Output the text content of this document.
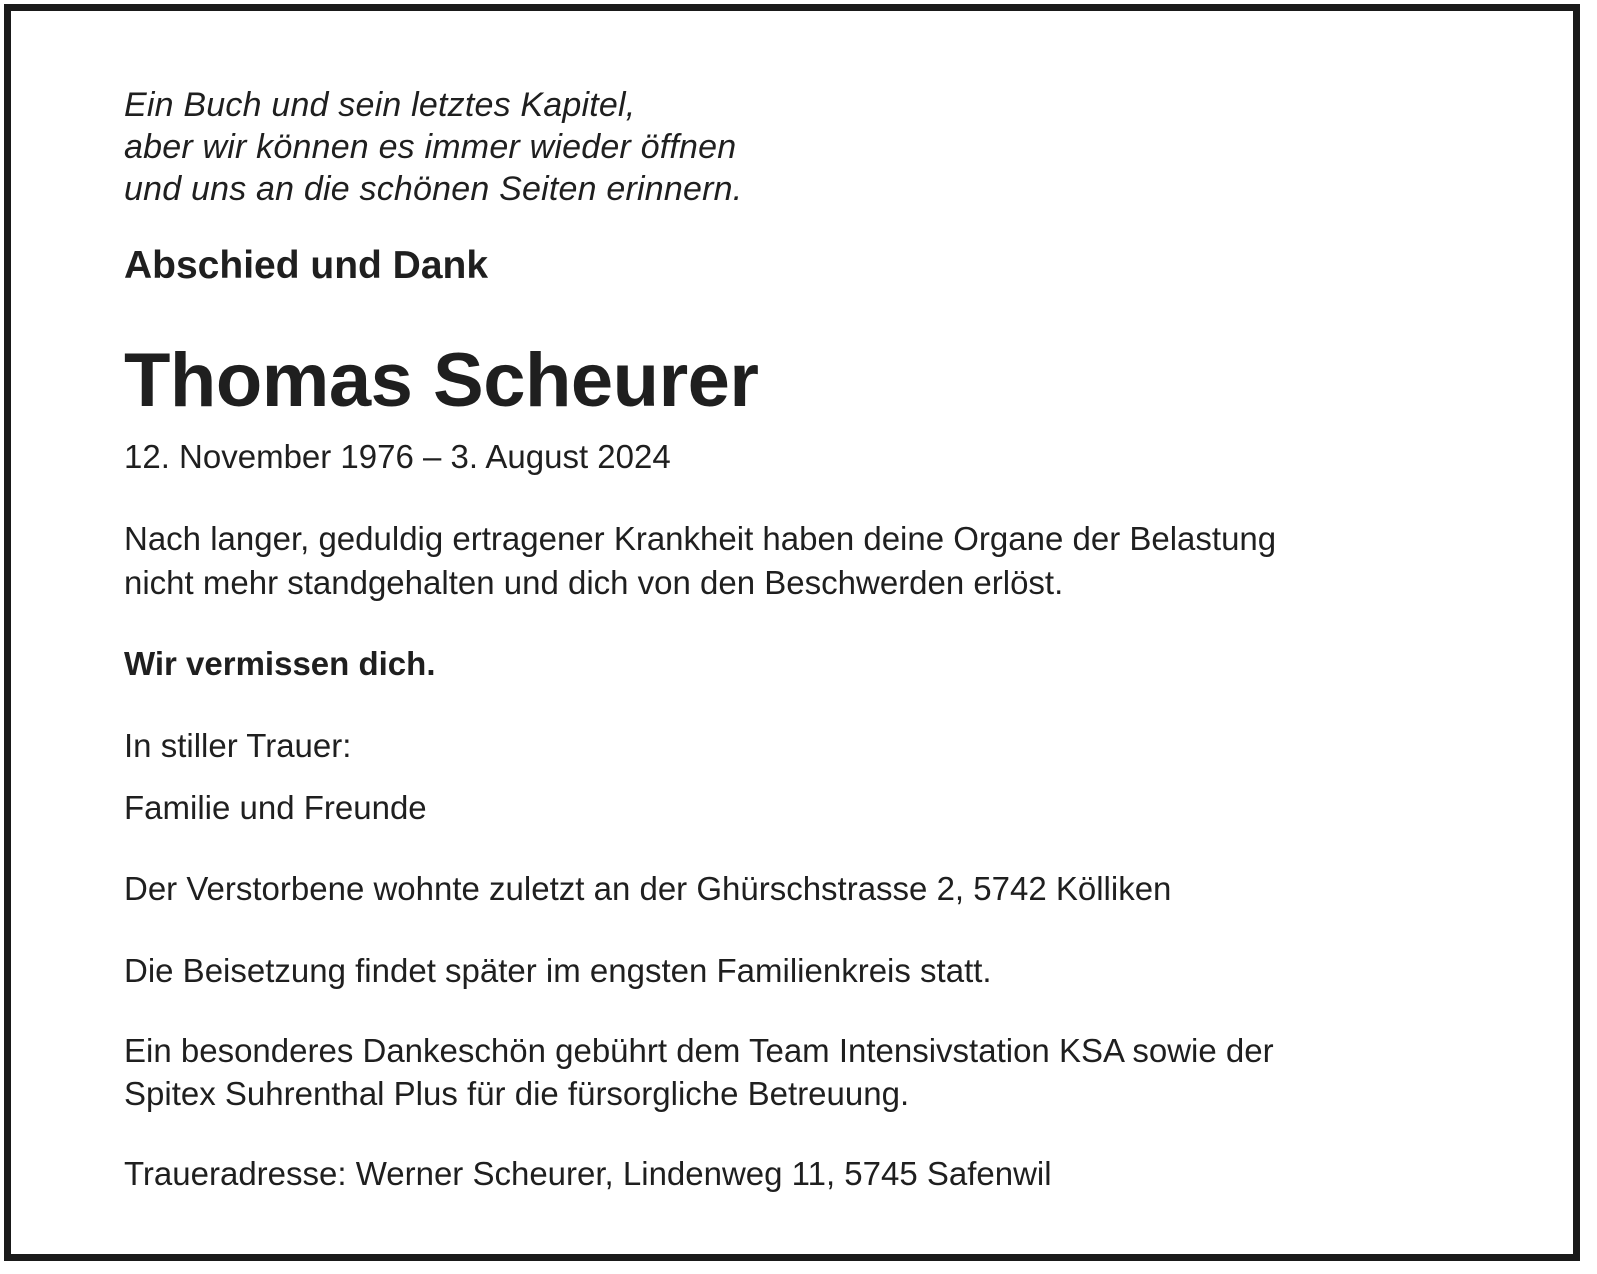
Ein Buch und sein letztes Kapitel,

aber wir können es immer wieder öffnen

und uns an die schönen Seiten erinnern.

Abschied und Dank

Thomas Scheurer

12. November 1976 – 3. August 2024

Nach langer, geduldig ertragener Krankheit haben deine Organe der Belastung

nicht mehr standgehalten und dich von den Beschwerden erlöst.

Wir vermissen dich.

In stiller Trauer:

Familie und Freunde

Der Verstorbene wohnte zuletzt an der Ghürschstrasse 2, 5742 Kölliken

Die Beisetzung findet später im engsten Familienkreis statt.

Ein besonderes Dankeschön gebührt dem Team Intensivstation KSA sowie der

Spitex Suhrenthal Plus für die fürsorgliche Betreuung.

Traueradresse: Werner Scheurer, Lindenweg 11, 5745 Safenwil
